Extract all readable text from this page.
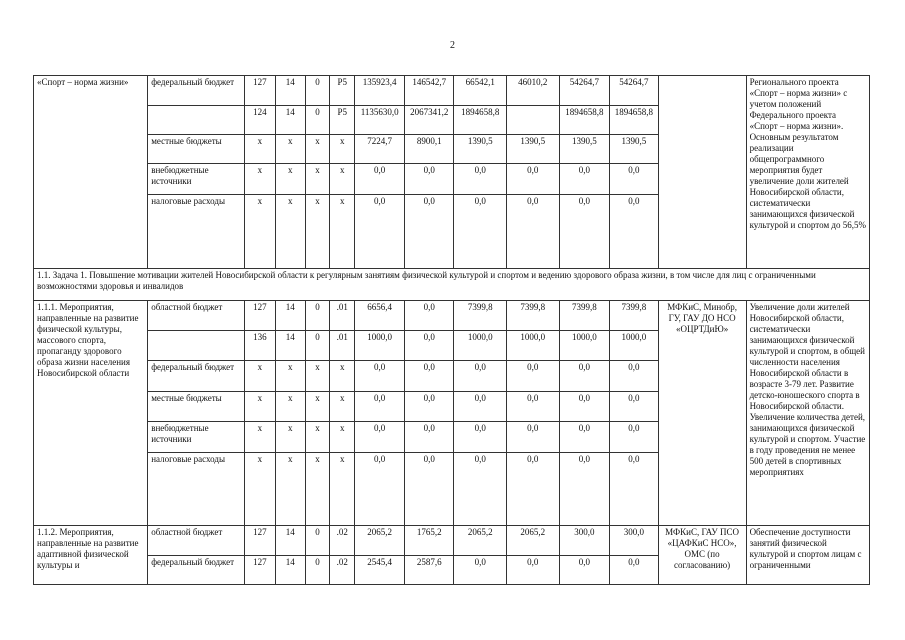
2
«Спорт – норма жизни»	федеральный бюджет	127	14	0	Р5	135923,4	146542,7	66542,1	46010,2	54264,7	54264,7		Регионального проекта «Спорт – норма жизни» с учетом положений Федерального проекта «Спорт – норма жизни». Основным результатом реализации общепрограммного мероприятия будет увеличение доли жителей Новосибирской области, систематически занимающихся физической культурой и спортом до 56,5%
		124	14	0	Р5	1135630,0	2067341,2	1894658,8		1894658,8	1894658,8		
	местные бюджеты	x	x	x	x	7224,7	8900,1	1390,5	1390,5	1390,5	1390,5		
	внебюджетные источники	x	x	x	x	0,0	0,0	0,0	0,0	0,0	0,0		
	налоговые расходы	x	x	x	x	0,0	0,0	0,0	0,0	0,0	0,0		
1.1. Задача 1. Повышение мотивации жителей Новосибирской области к регулярным занятиям физической культурой и спортом и ведению здорового образа жизни, в том числе для лиц с ограниченными возможностями здоровья и инвалидов													
1.1.1. Мероприятия, направленные на развитие физической культуры, массового спорта, пропаганду здорового образа жизни населения Новосибирской области	областной бюджет	127	14	0	.01	6656,4	0,0	7399,8	7399,8	7399,8	7399,8	МФКиС, Минобр, ГУ, ГАУ ДО НСО «ОЦРТДиЮ»	Увеличение доли жителей Новосибирской области, систематически занимающихся физической культурой и спортом, в общей численности населения Новосибирской области в возрасте 3-79 лет. Развитие детско-юношеского спорта в Новосибирской области. Увеличение количества детей, занимающихся физической культурой и спортом. Участие в году проведения не менее 500 детей в спортивных мероприятиях
		136	14	0	.01	1000,0	0,0	1000,0	1000,0	1000,0	1000,0		
	федеральный бюджет	x	x	x	x	0,0	0,0	0,0	0,0	0,0	0,0		
	местные бюджеты	x	x	x	x	0,0	0,0	0,0	0,0	0,0	0,0		
	внебюджетные источники	x	x	x	x	0,0	0,0	0,0	0,0	0,0	0,0		
	налоговые расходы	x	x	x	x	0,0	0,0	0,0	0,0	0,0	0,0		
1.1.2. Мероприятия, направленные на развитие адаптивной физической культуры и	областной бюджет	127	14	0	.02	2065,2	1765,2	2065,2	2065,2	300,0	300,0	МФКиС, ГАУ ПСО «ЦАФКиС НСО», ОМС (по согласованию)	Обеспечение доступности занятий физической культурой и спортом лицам с ограниченными
	федеральный бюджет	127	14	0	.02	2545,4	2587,6	0,0	0,0	0,0	0,0		
